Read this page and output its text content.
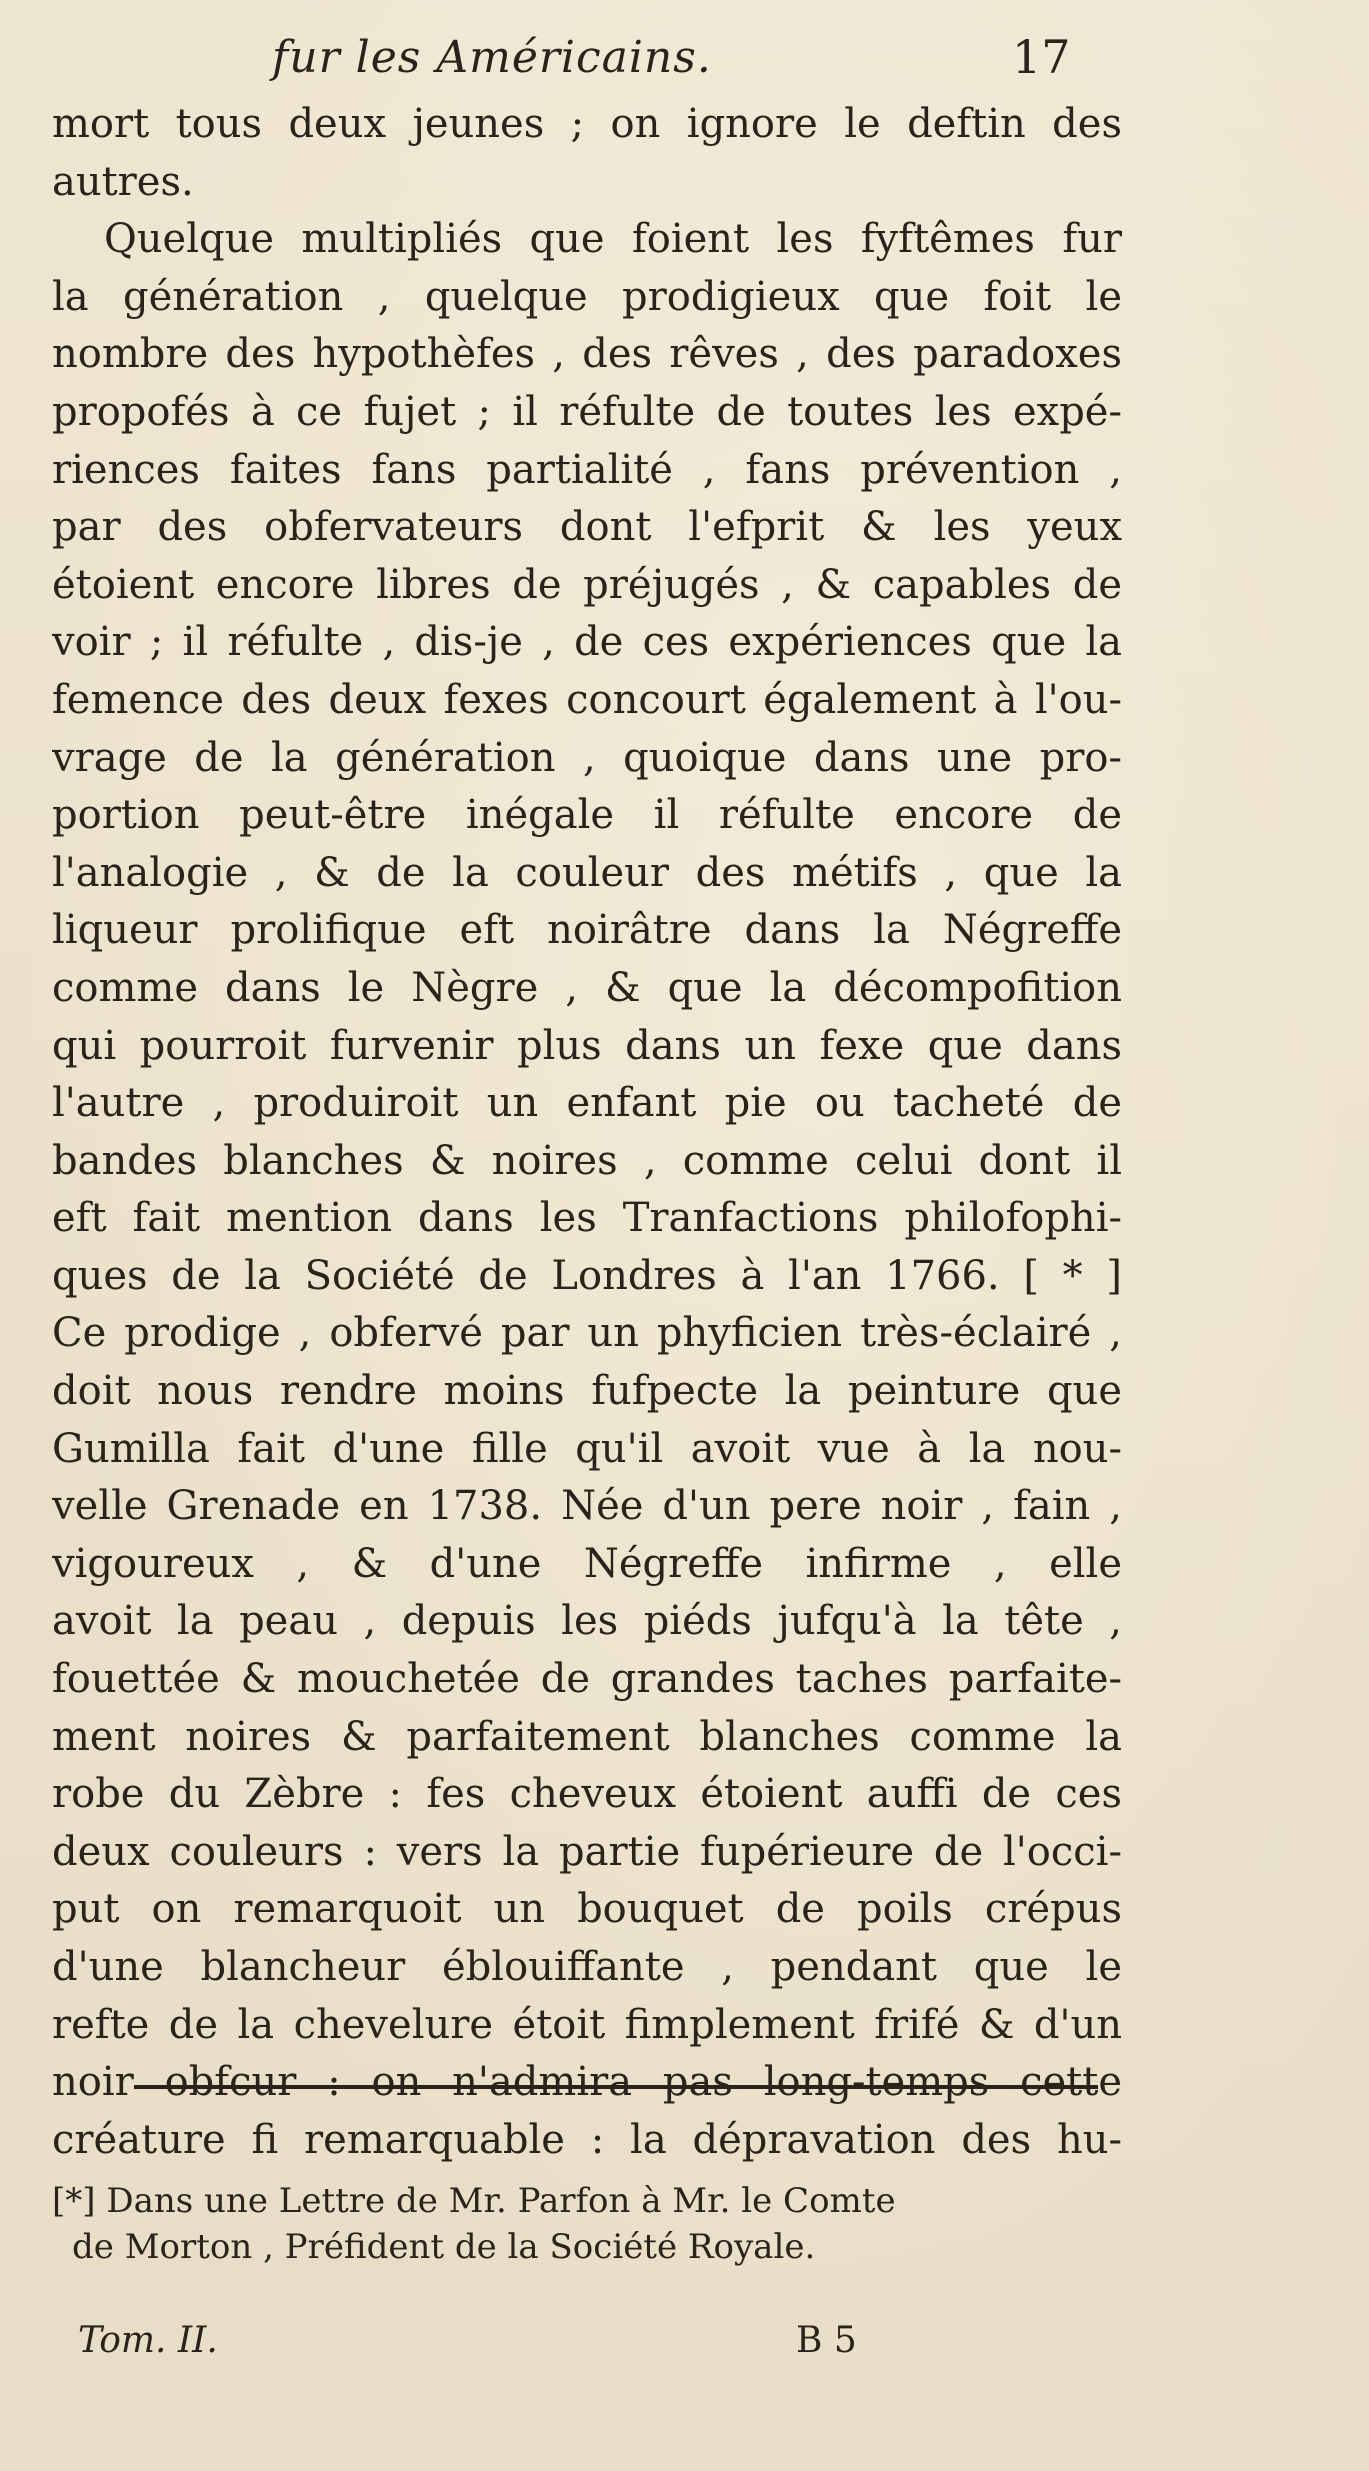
fur les Américains.	17
mort tous deux jeunes ; on ignore le deftin des
autres.
Quelque multipliés que foient les fyftêmes fur
la génération , quelque prodigieux que foit le
nombre des hypothèfes , des rêves , des paradoxes
propofés à ce fujet ; il réfulte de toutes les expé-
riences faites fans partialité , fans prévention ,
par des obfervateurs dont l'efprit & les yeux
étoient encore libres de préjugés , & capables de
voir ; il réfulte , dis-je , de ces expériences que la
femence des deux fexes concourt également à l'ou-
vrage de la génération , quoique dans une pro-
portion peut-être inégale il réfulte encore de
l'analogie , & de la couleur des métifs , que la
liqueur prolifique eft noirâtre dans la Négreffe
comme dans le Nègre , & que la décompofition
qui pourroit furvenir plus dans un fexe que dans
l'autre , produiroit un enfant pie ou tacheté de
bandes blanches & noires , comme celui dont il
eft fait mention dans les Tranfactions philofophi-
ques de la Société de Londres à l'an 1766. [ * ]
Ce prodige , obfervé par un phyficien très-éclairé ,
doit nous rendre moins fufpecte la peinture que
Gumilla fait d'une fille qu'il avoit vue à la nou-
velle Grenade en 1738. Née d'un pere noir , fain ,
vigoureux , & d'une Négreffe infirme , elle
avoit la peau , depuis les piéds jufqu'à la tête ,
fouettée & mouchetée de grandes taches parfaite-
ment noires & parfaitement blanches comme la
robe du Zèbre : fes cheveux étoient auffi de ces
deux couleurs : vers la partie fupérieure de l'occi-
put on remarquoit un bouquet de poils crépus
d'une blancheur éblouiffante , pendant que le
refte de la chevelure étoit fimplement frifé & d'un
noir obfcur : on n'admira pas long-temps cette
créature fi remarquable : la dépravation des hu-
[*] Dans une Lettre de Mr. Parfon à Mr. le Comte
de Morton , Préfident de la Société Royale.
Tom. II.	B 5
